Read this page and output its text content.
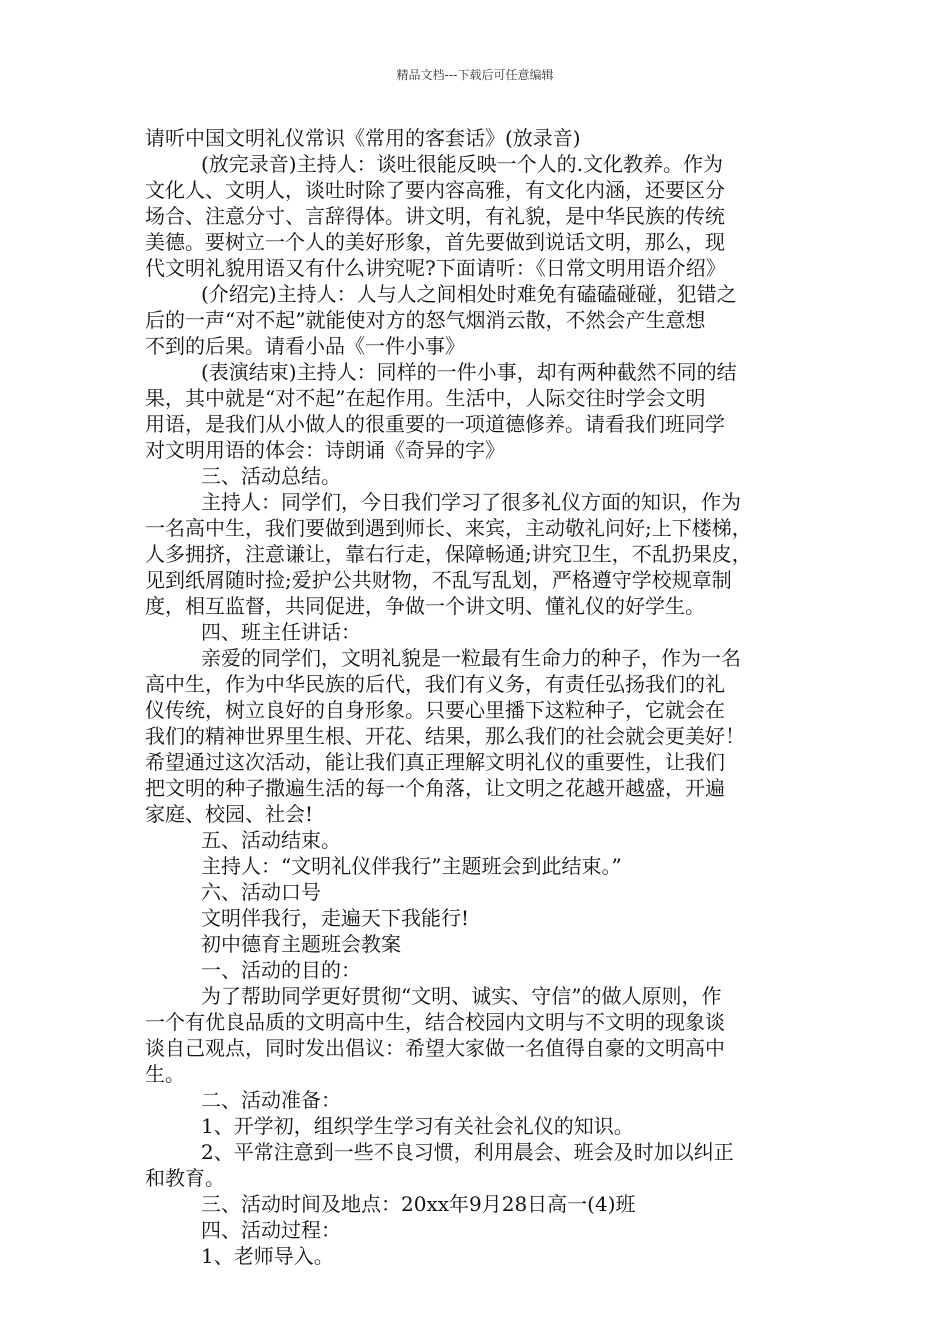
精品文档---下载后可任意编辑
请听中国文明礼仪常识《常用的客套话》(放录音)
(放完录音)主持人：谈吐很能反映一个人的.文化教养。作为
文化人、文明人，谈吐时除了要内容高雅，有文化内涵，还要区分
场合、注意分寸、言辞得体。讲文明，有礼貌，是中华民族的传统
美德。要树立一个人的美好形象，首先要做到说话文明，那么，现
代文明礼貌用语又有什么讲究呢?下面请听：《日常文明用语介绍》
(介绍完)主持人：人与人之间相处时难免有磕磕碰碰，犯错之
后的一声“对不起”就能使对方的怒气烟消云散，不然会产生意想
不到的后果。请看小品《一件小事》
(表演结束)主持人：同样的一件小事，却有两种截然不同的结
果，其中就是“对不起”在起作用。生活中，人际交往时学会文明
用语，是我们从小做人的很重要的一项道德修养。请看我们班同学
对文明用语的体会：诗朗诵《奇异的字》
三、活动总结。
主持人：同学们，今日我们学习了很多礼仪方面的知识，作为
一名高中生，我们要做到遇到师长、来宾，主动敬礼问好;上下楼梯，
人多拥挤，注意谦让，靠右行走，保障畅通;讲究卫生，不乱扔果皮，
见到纸屑随时捡;爱护公共财物，不乱写乱划，严格遵守学校规章制
度，相互监督，共同促进，争做一个讲文明、懂礼仪的好学生。
四、班主任讲话：
亲爱的同学们，文明礼貌是一粒最有生命力的种子，作为一名
高中生，作为中华民族的后代，我们有义务，有责任弘扬我们的礼
仪传统，树立良好的自身形象。只要心里播下这粒种子，它就会在
我们的精神世界里生根、开花、结果，那么我们的社会就会更美好！
希望通过这次活动，能让我们真正理解文明礼仪的重要性，让我们
把文明的种子撒遍生活的每一个角落，让文明之花越开越盛，开遍
家庭、校园、社会!
五、活动结束。
主持人：“文明礼仪伴我行”主题班会到此结束。”
六、活动口号
文明伴我行，走遍天下我能行!
初中德育主题班会教案
一、活动的目的：
为了帮助同学更好贯彻“文明、诚实、守信”的做人原则，作
一个有优良品质的文明高中生，结合校园内文明与不文明的现象谈
谈自己观点，同时发出倡议：希望大家做一名值得自豪的文明高中
生。
二、活动准备：
1、开学初，组织学生学习有关社会礼仪的知识。
2、平常注意到一些不良习惯，利用晨会、班会及时加以纠正
和教育。
三、活动时间及地点：20xx年9月28日高一(4)班
四、活动过程：
1、老师导入。
